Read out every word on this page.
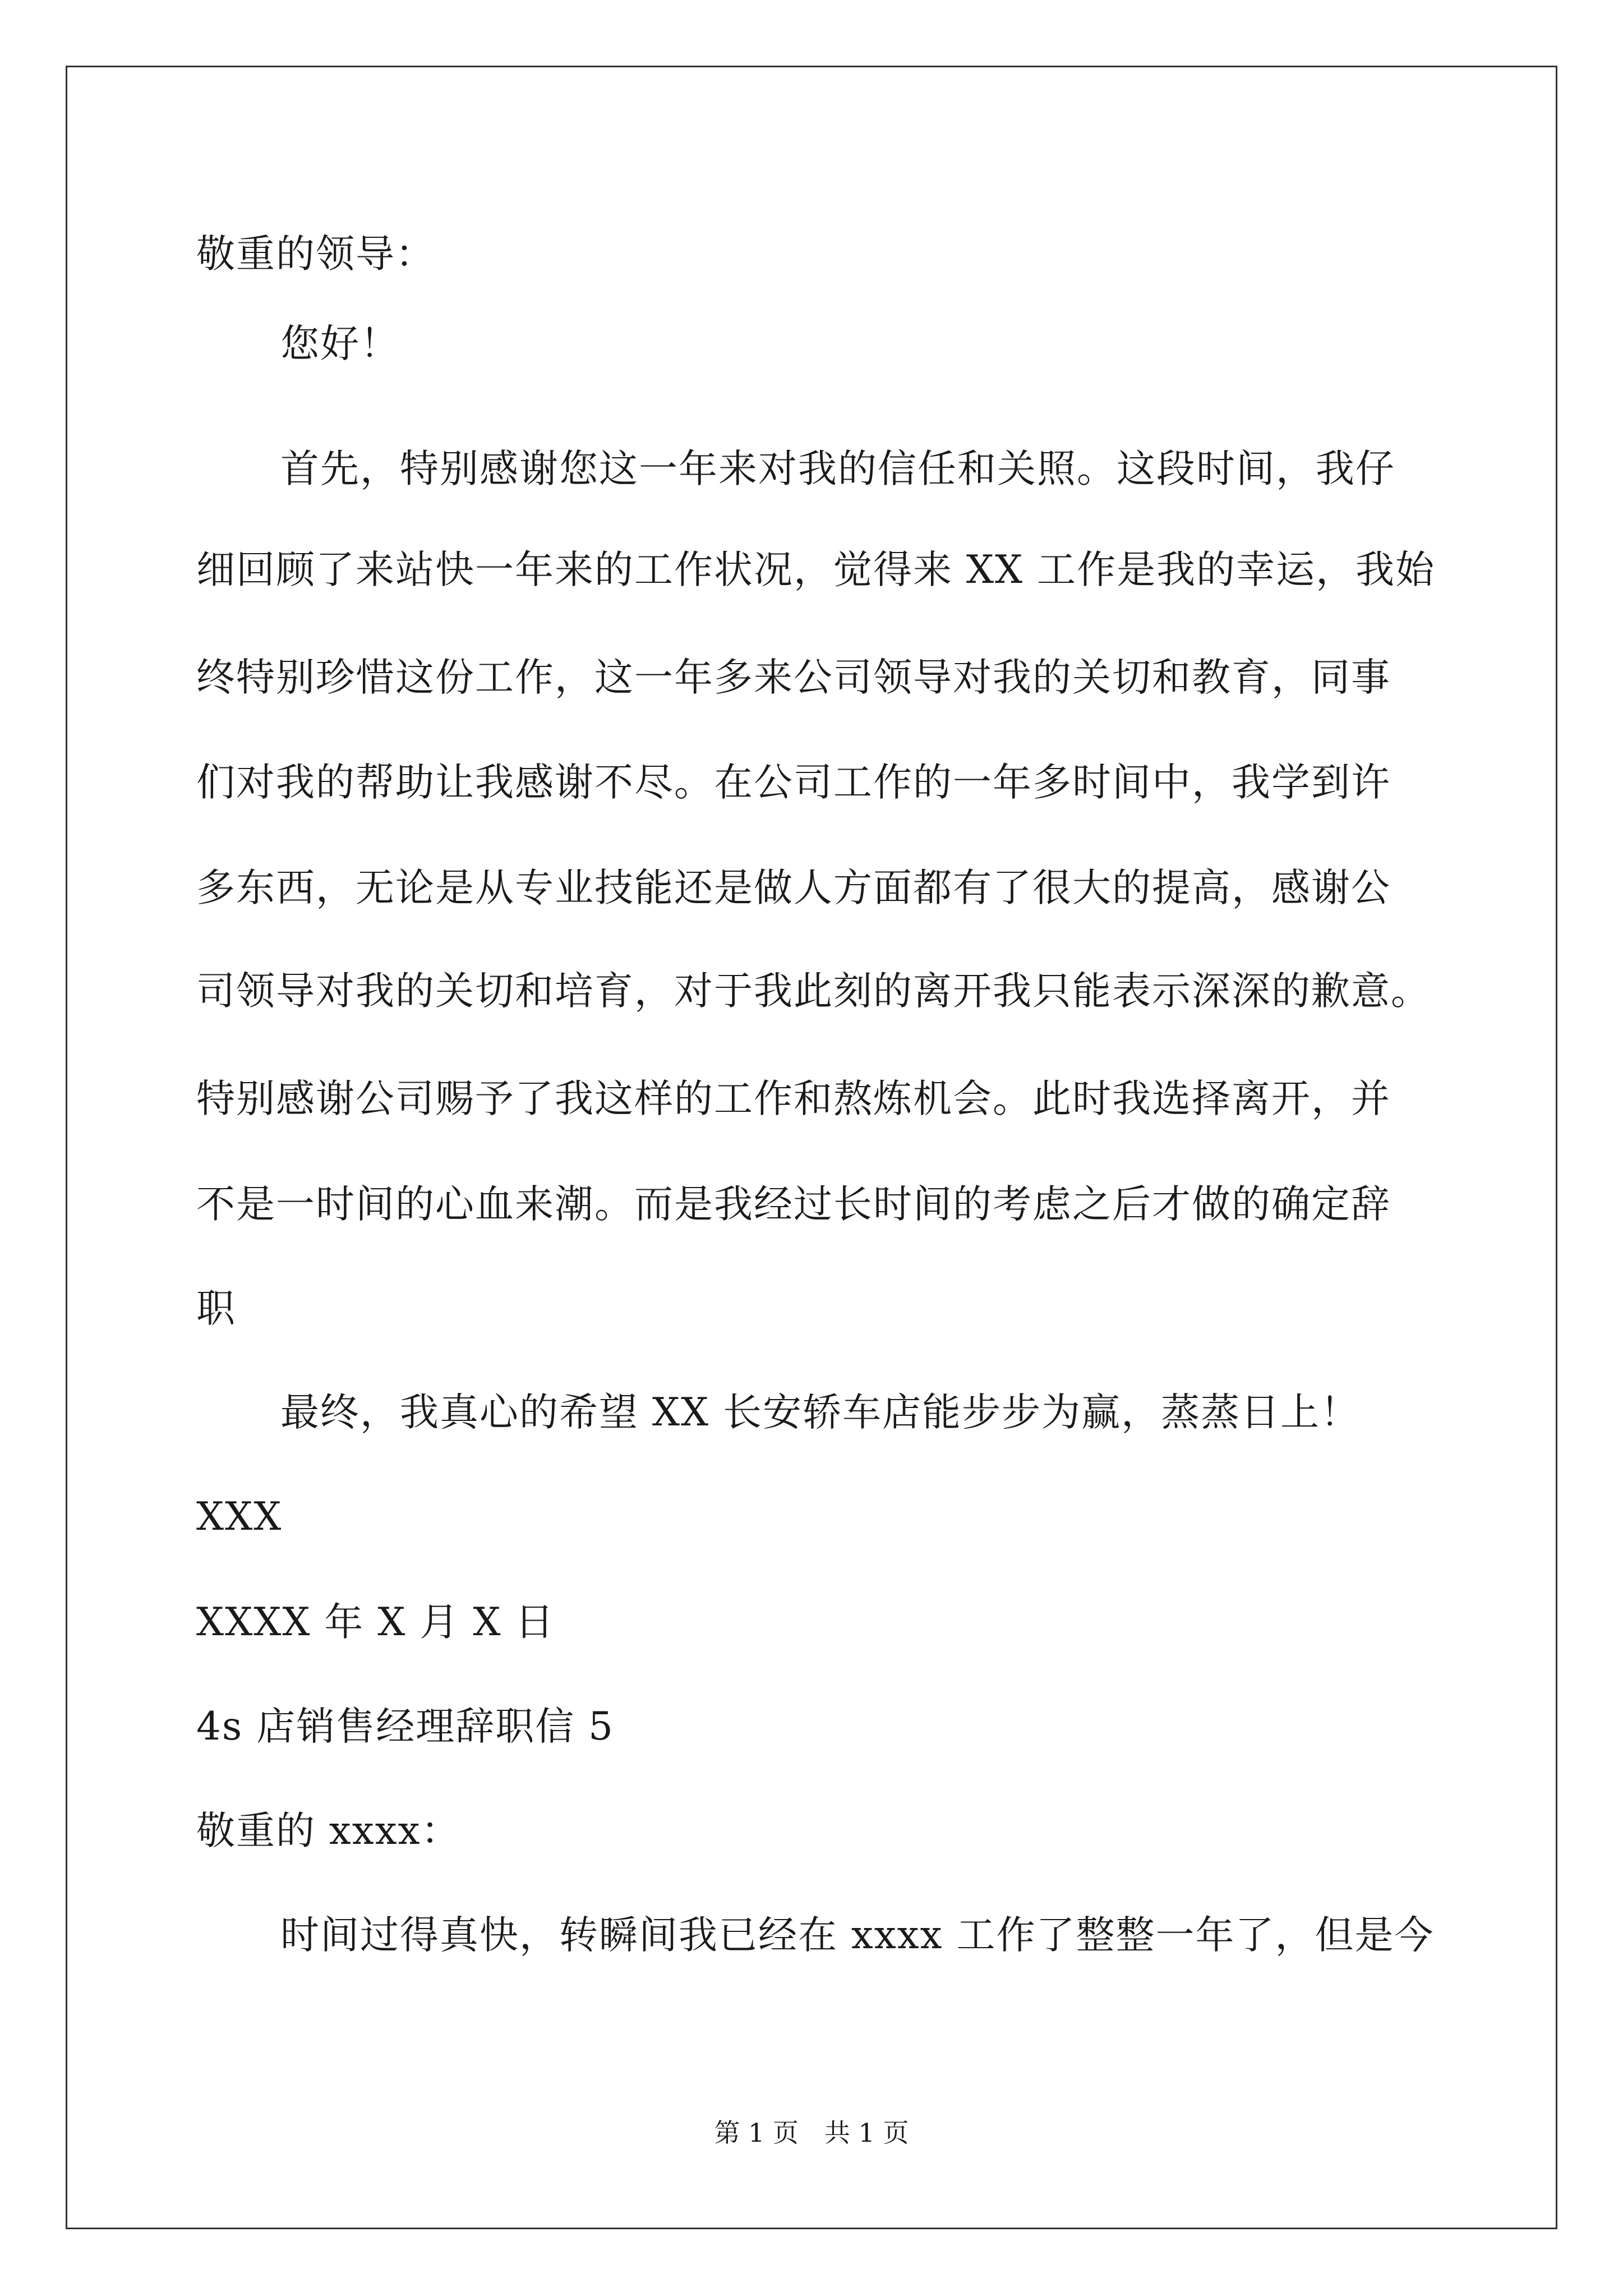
敬重的领导：
您好！
首先，特别感谢您这一年来对我的信任和关照。这段时间，我仔
细回顾了来站快一年来的工作状况，觉得来 XX 工作是我的幸运，我始
终特别珍惜这份工作，这一年多来公司领导对我的关切和教育，同事
们对我的帮助让我感谢不尽。在公司工作的一年多时间中，我学到许
多东西，无论是从专业技能还是做人方面都有了很大的提高，感谢公
司领导对我的关切和培育，对于我此刻的离开我只能表示深深的歉意。
特别感谢公司赐予了我这样的工作和熬炼机会。此时我选择离开，并
不是一时间的心血来潮。而是我经过长时间的考虑之后才做的确定辞
职
最终，我真心的希望 XX 长安轿车店能步步为赢，蒸蒸日上！
XXX
XXXX 年 X 月 X 日
4s 店销售经理辞职信 5
敬重的 xxxx：
时间过得真快，转瞬间我已经在 xxxx 工作了整整一年了，但是今
第 1 页　共 1 页
